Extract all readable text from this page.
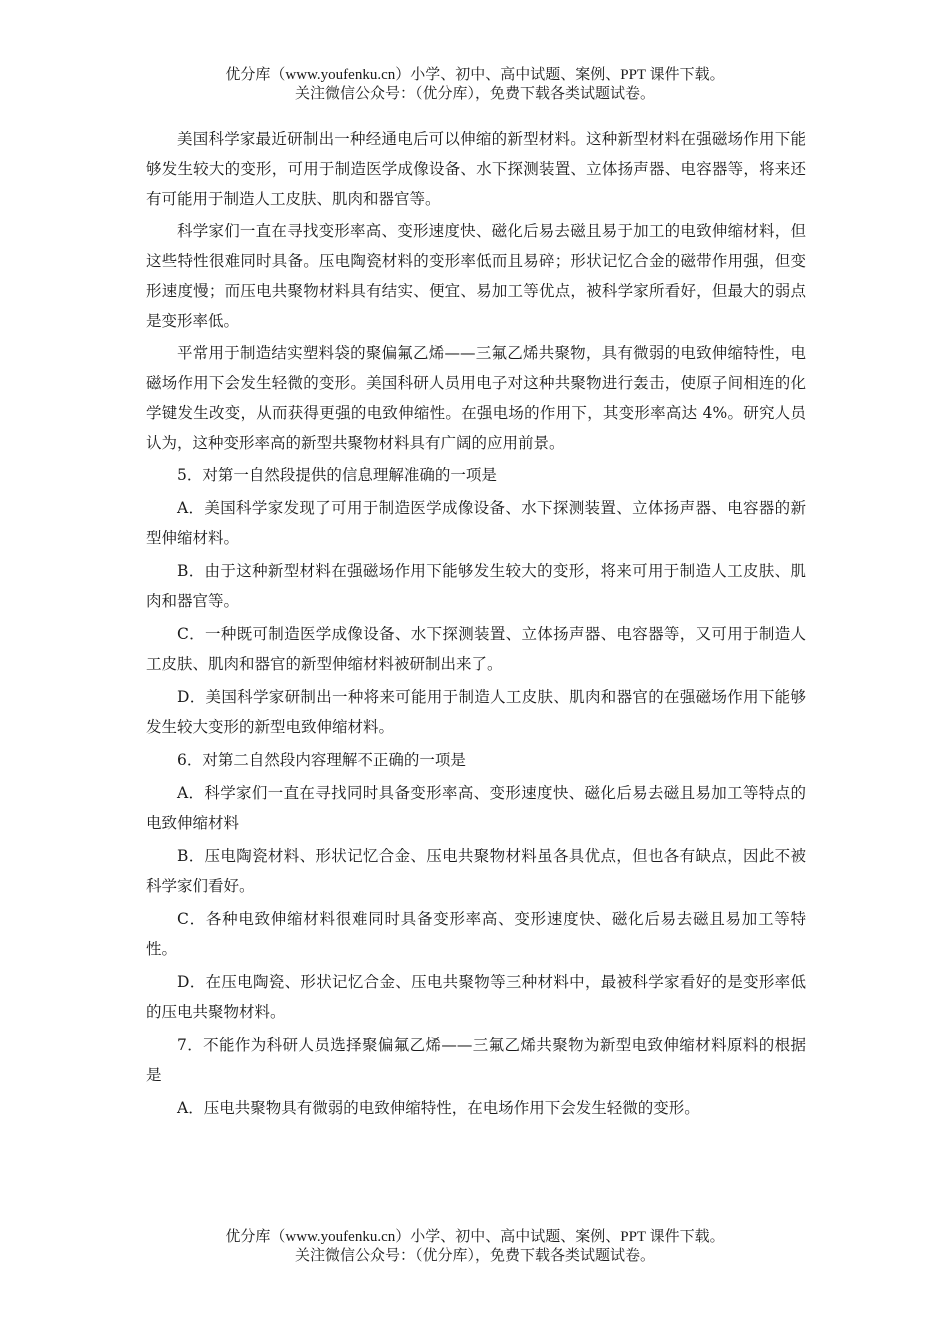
优分库（www.youfenku.cn）小学、初中、高中试题、案例、PPT 课件下载。
关注微信公众号：（优分库），免费下载各类试题试卷。

美国科学家最近研制出一种经通电后可以伸缩的新型材料。这种新型材料在强磁场作用下能够发生较大的变形，可用于制造医学成像设备、水下探测装置、立体扬声器、电容器等，将来还有可能用于制造人工皮肤、肌肉和器官等。

科学家们一直在寻找变形率高、变形速度快、磁化后易去磁且易于加工的电致伸缩材料，但这些特性很难同时具备。压电陶瓷材料的变形率低而且易碎；形状记忆合金的磁带作用强，但变形速度慢；而压电共聚物材料具有结实、便宜、易加工等优点，被科学家所看好，但最大的弱点是变形率低。

平常用于制造结实塑料袋的聚偏氟乙烯——三氟乙烯共聚物，具有微弱的电致伸缩特性，电磁场作用下会发生轻微的变形。美国科研人员用电子对这种共聚物进行轰击，使原子间相连的化学键发生改变，从而获得更强的电致伸缩性。在强电场的作用下，其变形率高达 4%。研究人员认为，这种变形率高的新型共聚物材料具有广阔的应用前景。

5．对第一自然段提供的信息理解准确的一项是

A．美国科学家发现了可用于制造医学成像设备、水下探测装置、立体扬声器、电容器的新型伸缩材料。

B．由于这种新型材料在强磁场作用下能够发生较大的变形，将来可用于制造人工皮肤、肌肉和器官等。

C．一种既可制造医学成像设备、水下探测装置、立体扬声器、电容器等，又可用于制造人工皮肤、肌肉和器官的新型伸缩材料被研制出来了。

D．美国科学家研制出一种将来可能用于制造人工皮肤、肌肉和器官的在强磁场作用下能够发生较大变形的新型电致伸缩材料。

6．对第二自然段内容理解不正确的一项是

A．科学家们一直在寻找同时具备变形率高、变形速度快、磁化后易去磁且易加工等特点的电致伸缩材料

B．压电陶瓷材料、形状记忆合金、压电共聚物材料虽各具优点，但也各有缺点，因此不被科学家们看好。

C．各种电致伸缩材料很难同时具备变形率高、变形速度快、磁化后易去磁且易加工等特性。

D．在压电陶瓷、形状记忆合金、压电共聚物等三种材料中，最被科学家看好的是变形率低的压电共聚物材料。

7．不能作为科研人员选择聚偏氟乙烯——三氟乙烯共聚物为新型电致伸缩材料原料的根据是

A．压电共聚物具有微弱的电致伸缩特性，在电场作用下会发生轻微的变形。

优分库（www.youfenku.cn）小学、初中、高中试题、案例、PPT 课件下载。
关注微信公众号：（优分库），免费下载各类试题试卷。
